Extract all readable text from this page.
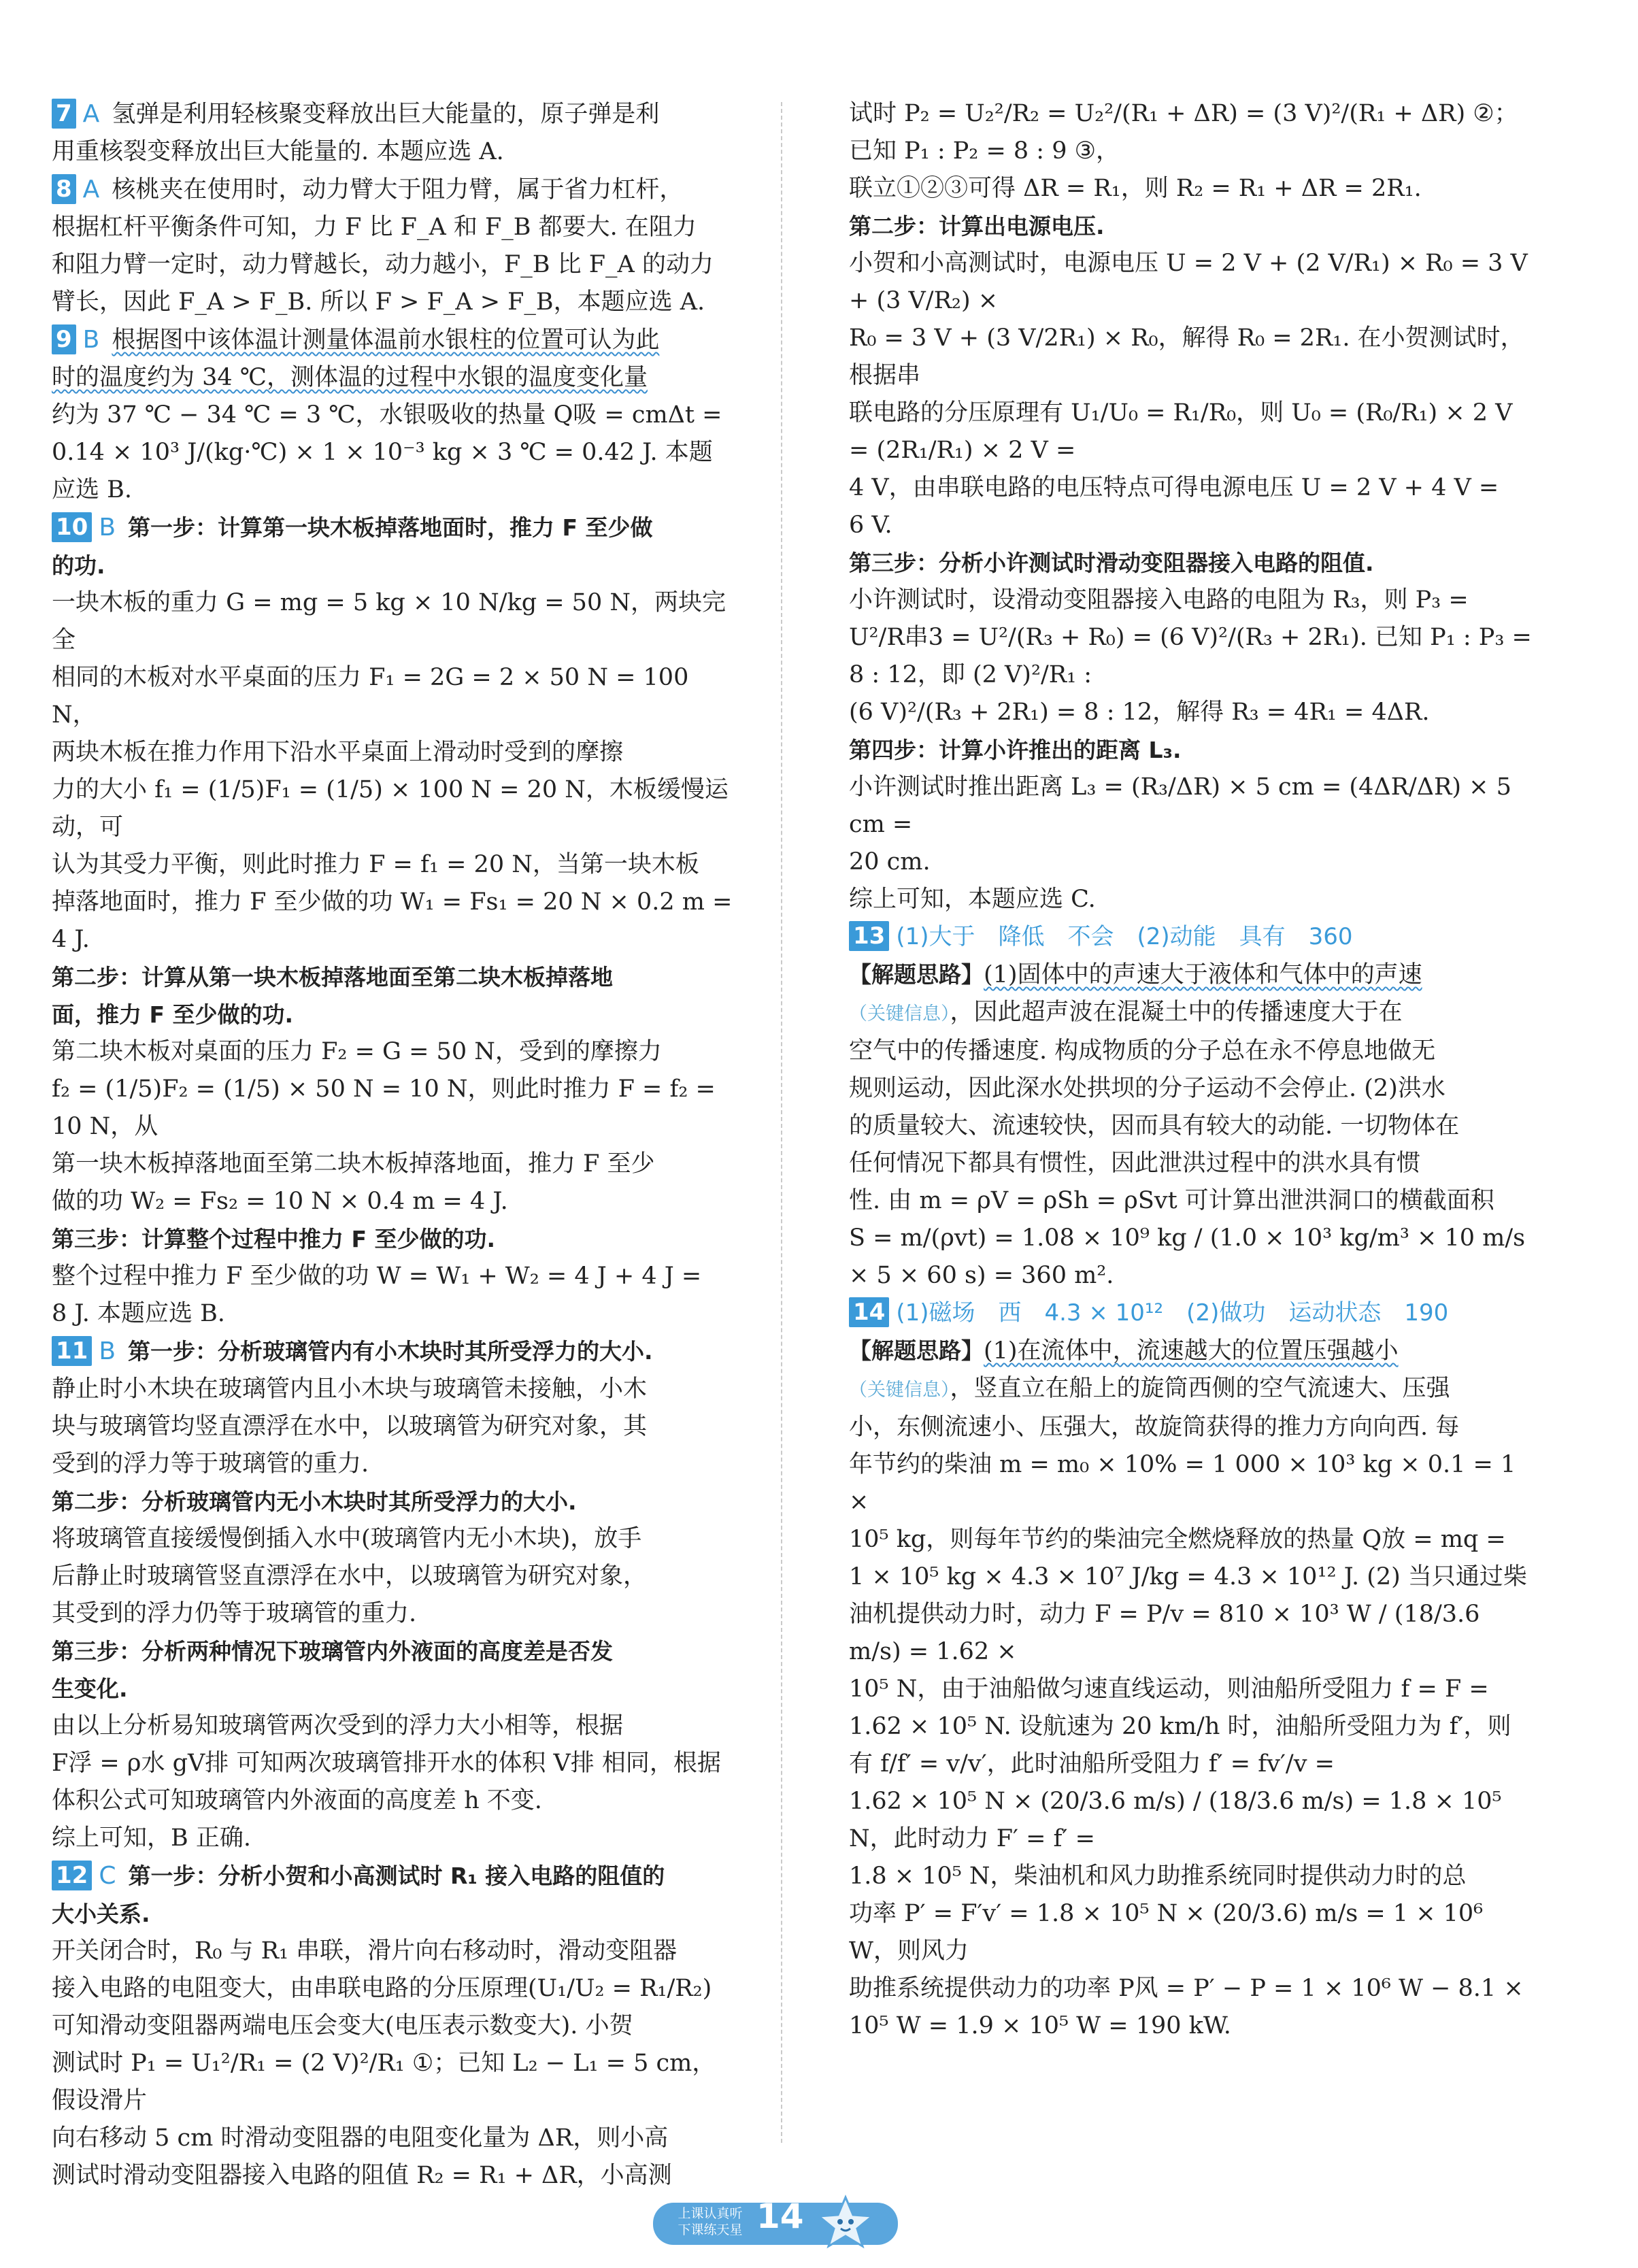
7 A 氢弹是利用轻核聚变释放出巨大能量的，原子弹是利

用重核裂变释放出巨大能量的. 本题应选 A.

8 A 核桃夹在使用时，动力臂大于阻力臂，属于省力杠杆，

根据杠杆平衡条件可知，力 F 比 F_A 和 F_B 都要大. 在阻力

和阻力臂一定时，动力臂越长，动力越小，F_B 比 F_A 的动力

臂长，因此 F_A > F_B. 所以 F > F_A > F_B，本题应选 A.

9 B 根据图中该体温计测量体温前水银柱的位置可认为此

时的温度约为 34 ℃，测体温的过程中水银的温度变化量

约为 37 ℃ − 34 ℃ = 3 ℃，水银吸收的热量 Q吸 = cmΔt =

0.14 × 10³ J/(kg·℃) × 1 × 10⁻³ kg × 3 ℃ = 0.42 J. 本题

应选 B.

10 B 第一步：计算第一块木板掉落地面时，推力 F 至少做

的功.

一块木板的重力 G = mg = 5 kg × 10 N/kg = 50 N，两块完全

相同的木板对水平桌面的压力 F₁ = 2G = 2 × 50 N = 100 N，

两块木板在推力作用下沿水平桌面上滑动时受到的摩擦

力的大小 f₁ = (1/5)F₁ = (1/5) × 100 N = 20 N，木板缓慢运动，可

认为其受力平衡，则此时推力 F = f₁ = 20 N，当第一块木板

掉落地面时，推力 F 至少做的功 W₁ = Fs₁ = 20 N × 0.2 m =

4 J.

第二步：计算从第一块木板掉落地面至第二块木板掉落地

面，推力 F 至少做的功.

第二块木板对桌面的压力 F₂ = G = 50 N，受到的摩擦力

f₂ = (1/5)F₂ = (1/5) × 50 N = 10 N，则此时推力 F = f₂ = 10 N，从

第一块木板掉落地面至第二块木板掉落地面，推力 F 至少

做的功 W₂ = Fs₂ = 10 N × 0.4 m = 4 J.

第三步：计算整个过程中推力 F 至少做的功.

整个过程中推力 F 至少做的功 W = W₁ + W₂ = 4 J + 4 J =

8 J. 本题应选 B.

11 B 第一步：分析玻璃管内有小木块时其所受浮力的大小.

静止时小木块在玻璃管内且小木块与玻璃管未接触，小木

块与玻璃管均竖直漂浮在水中，以玻璃管为研究对象，其

受到的浮力等于玻璃管的重力.

第二步：分析玻璃管内无小木块时其所受浮力的大小.

将玻璃管直接缓慢倒插入水中(玻璃管内无小木块)，放手

后静止时玻璃管竖直漂浮在水中，以玻璃管为研究对象，

其受到的浮力仍等于玻璃管的重力.

第三步：分析两种情况下玻璃管内外液面的高度差是否发

生变化.

由以上分析易知玻璃管两次受到的浮力大小相等，根据

F浮 = ρ水 gV排 可知两次玻璃管排开水的体积 V排 相同，根据

体积公式可知玻璃管内外液面的高度差 h 不变.

综上可知，B 正确.

12 C 第一步：分析小贺和小高测试时 R₁ 接入电路的阻值的

大小关系.

开关闭合时，R₀ 与 R₁ 串联，滑片向右移动时，滑动变阻器

接入电路的电阻变大，由串联电路的分压原理(U₁/U₂ = R₁/R₂)

可知滑动变阻器两端电压会变大(电压表示数变大). 小贺

测试时 P₁ = U₁²/R₁ = (2 V)²/R₁ ①；已知 L₂ − L₁ = 5 cm，假设滑片

向右移动 5 cm 时滑动变阻器的电阻变化量为 ΔR，则小高

测试时滑动变阻器接入电路的阻值 R₂ = R₁ + ΔR，小高测

试时 P₂ = U₂²/R₂ = U₂²/(R₁ + ΔR) = (3 V)²/(R₁ + ΔR) ②；已知 P₁ : P₂ = 8 : 9 ③，

联立①②③可得 ΔR = R₁，则 R₂ = R₁ + ΔR = 2R₁.

第二步：计算出电源电压.

小贺和小高测试时，电源电压 U = 2 V + (2 V/R₁) × R₀ = 3 V + (3 V/R₂) ×

R₀ = 3 V + (3 V/2R₁) × R₀，解得 R₀ = 2R₁. 在小贺测试时，根据串

联电路的分压原理有 U₁/U₀ = R₁/R₀，则 U₀ = (R₀/R₁) × 2 V = (2R₁/R₁) × 2 V =

4 V，由串联电路的电压特点可得电源电压 U = 2 V + 4 V =

6 V.

第三步：分析小许测试时滑动变阻器接入电路的阻值.

小许测试时，设滑动变阻器接入电路的电阻为 R₃，则 P₃ =

U²/R串3 = U²/(R₃ + R₀) = (6 V)²/(R₃ + 2R₁). 已知 P₁ : P₃ = 8 : 12，即 (2 V)²/R₁ :

(6 V)²/(R₃ + 2R₁) = 8 : 12，解得 R₃ = 4R₁ = 4ΔR.

第四步：计算小许推出的距离 L₃.

小许测试时推出距离 L₃ = (R₃/ΔR) × 5 cm = (4ΔR/ΔR) × 5 cm =

20 cm.

综上可知，本题应选 C.

13 (1)大于　降低　不会　(2)动能　具有　360

【解题思路】(1)固体中的声速大于液体和气体中的声速

（关键信息），因此超声波在混凝土中的传播速度大于在

空气中的传播速度. 构成物质的分子总在永不停息地做无

规则运动，因此深水处拱坝的分子运动不会停止. (2)洪水

的质量较大、流速较快，因而具有较大的动能. 一切物体在

任何情况下都具有惯性，因此泄洪过程中的洪水具有惯

性. 由 m = ρV = ρSh = ρSvt 可计算出泄洪洞口的横截面积

S = m/(ρvt) = 1.08 × 10⁹ kg / (1.0 × 10³ kg/m³ × 10 m/s × 5 × 60 s) = 360 m².

14 (1)磁场　西　4.3 × 10¹²　(2)做功　运动状态　190

【解题思路】(1)在流体中，流速越大的位置压强越小

（关键信息），竖直立在船上的旋筒西侧的空气流速大、压强

小，东侧流速小、压强大，故旋筒获得的推力方向向西. 每

年节约的柴油 m = m₀ × 10% = 1 000 × 10³ kg × 0.1 = 1 ×

10⁵ kg，则每年节约的柴油完全燃烧释放的热量 Q放 = mq =

1 × 10⁵ kg × 4.3 × 10⁷ J/kg = 4.3 × 10¹² J. (2) 当只通过柴

油机提供动力时，动力 F = P/v = 810 × 10³ W / (18/3.6 m/s) = 1.62 ×

10⁵ N，由于油船做匀速直线运动，则油船所受阻力 f = F =

1.62 × 10⁵ N. 设航速为 20 km/h 时，油船所受阻力为 f′，则

有 f/f′ = v/v′，此时油船所受阻力 f′ = fv′/v =

1.62 × 10⁵ N × (20/3.6 m/s) / (18/3.6 m/s) = 1.8 × 10⁵ N，此时动力 F′ = f′ =

1.8 × 10⁵ N，柴油机和风力助推系统同时提供动力时的总

功率 P′ = F′v′ = 1.8 × 10⁵ N × (20/3.6) m/s = 1 × 10⁶ W，则风力

助推系统提供动力的功率 P风 = P′ − P = 1 × 10⁶ W − 8.1 ×

10⁵ W = 1.9 × 10⁵ W = 190 kW.

上课认真听
下课练天星 14
